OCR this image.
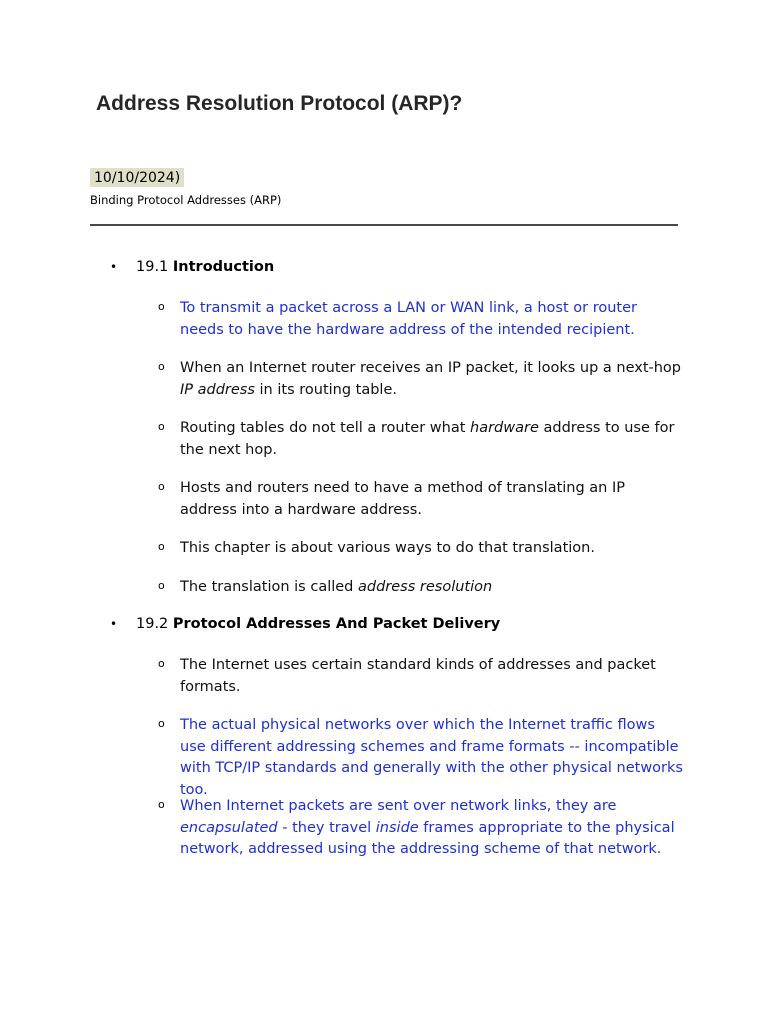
Address Resolution Protocol (ARP)?
10/10/2024)
Binding Protocol Addresses (ARP)
• 19.1 Introduction
o To transmit a packet across a LAN or WAN link, a host or router needs to have the hardware address of the intended recipient.
o When an Internet router receives an IP packet, it looks up a next-hop IP address in its routing table.
o Routing tables do not tell a router what hardware address to use for the next hop.
o Hosts and routers need to have a method of translating an IP address into a hardware address.
o This chapter is about various ways to do that translation.
o The translation is called address resolution
• 19.2 Protocol Addresses And Packet Delivery
o The Internet uses certain standard kinds of addresses and packet formats.
o The actual physical networks over which the Internet traffic flows use different addressing schemes and frame formats -- incompatible with TCP/IP standards and generally with the other physical networks too.
o When Internet packets are sent over network links, they are encapsulated - they travel inside frames appropriate to the physical network, addressed using the addressing scheme of that network.
